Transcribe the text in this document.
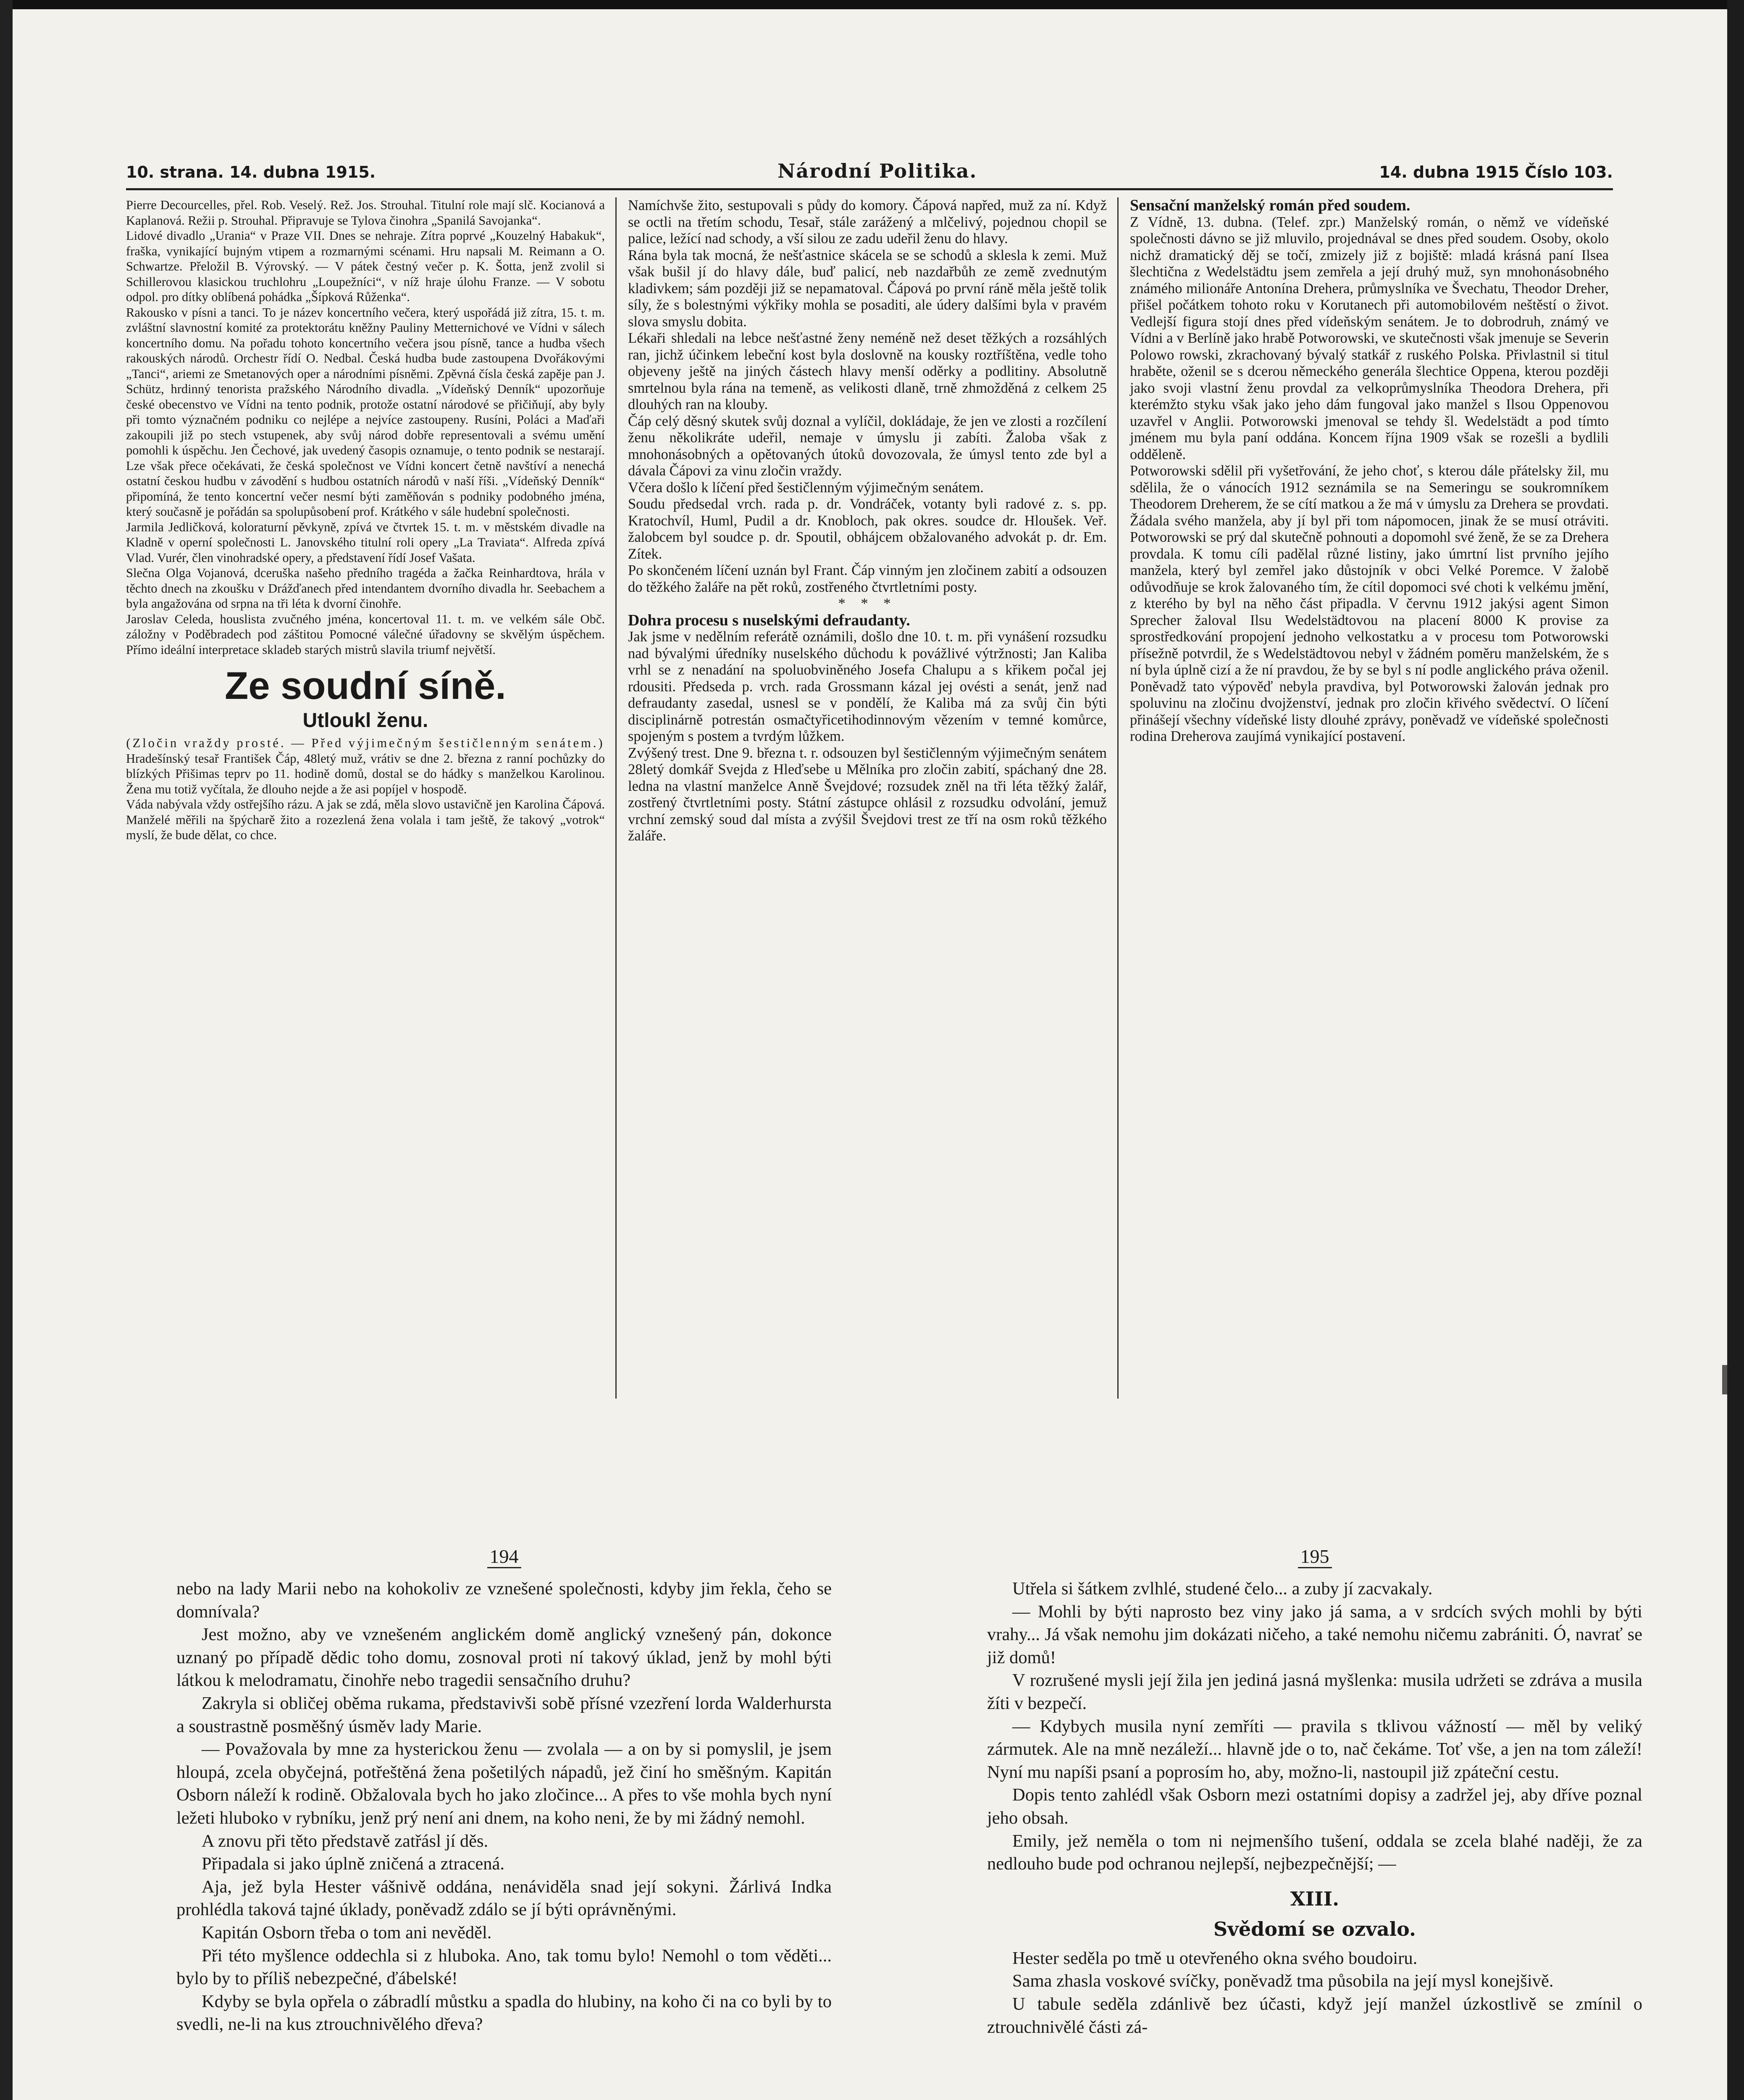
10. strana. 14. dubna 1915.	Národní Politika.	14. dubna 1915 Číslo 103.

Pierre Decourcelles, přel. Rob. Veselý. Rež. Jos. Strouhal. Titulní role mají slč. Kocianová a Kaplanová. Režii p. Strouhal. Připravuje se Tylova činohra „Spanilá Savojanka“.

Lidové divadlo „Urania“ v Praze VII. Dnes se nehraje. Zítra poprvé „Kouzelný Habakuk“, fraška, vynikající bujným vtipem a rozmarnými scénami. Hru napsali M. Reimann a O. Schwartze. Přeložil B. Výrovský. — V pátek čestný večer p. K. Šotta, jenž zvolil si Schillerovou klasickou truchlohru „Loupežníci“, v níž hraje úlohu Franze. — V sobotu odpol. pro dítky oblíbená pohádka „Šípková Růženka“.

Rakousko v písni a tanci. To je název koncertního večera, který uspořádá již zítra, 15. t. m. zvláštní slavnostní komité za protektorátu kněžny Pauliny Metternichové ve Vídni v sálech koncertního domu. Na pořadu tohoto koncertního večera jsou písně, tance a hudba všech rakouských národů. Orchestr řídí O. Nedbal. Česká hudba bude zastoupena Dvořákovými „Tanci“, ariemi ze Smetanových oper a národními písněmi. Zpěvná čísla česká zapěje pan J. Schütz, hrdinný tenorista pražského Národního divadla. „Vídeňský Denník“ upozorňuje české obecenstvo ve Vídni na tento podnik, protože ostatní národové se přičiňují, aby byly při tomto význačném podniku co nejlépe a nejvíce zastoupeny. Rusíni, Poláci a Maďaři zakoupili již po stech vstupenek, aby svůj národ dobře representovali a svému umění pomohli k úspěchu. Jen Čechové, jak uvedený časopis oznamuje, o tento podnik se nestarají. Lze však přece očekávati, že česká společnost ve Vídni koncert četně navštíví a nenechá ostatní českou hudbu v závodění s hudbou ostatních národů v naší říši. „Vídeňský Denník“ připomíná, že tento koncertní večer nesmí býti zaměňován s podniky podobného jména, který současně je pořádán sa spolupůsobení prof. Krátkého v sále hudební společnosti.

Jarmila Jedličková, koloraturní pěvkyně, zpívá ve čtvrtek 15. t. m. v městském divadle na Kladně v operní společnosti L. Janovského titulní roli opery „La Traviata“. Alfreda zpívá Vlad. Vurér, člen vinohradské opery, a představení řídí Josef Vašata.

Slečna Olga Vojanová, dceruška našeho předního tragéda a žačka Reinhardtova, hrála v těchto dnech na zkoušku v Drážďanech před intendantem dvorního divadla hr. Seebachem a byla angažována od srpna na tři léta k dvorní činohře.

Jaroslav Celeda, houslista zvučného jména, koncertoval 11. t. m. ve velkém sále Obč. záložny v Poděbradech pod záštitou Pomocné válečné úřadovny se skvělým úspěchem. Přímo ideální interpretace skladeb starých mistrů slavila triumf největší.

Ze soudní síně.
Utloukl ženu.

(Zločin vraždy prosté. — Před výjimečným šestičlenným senátem.)

Hradešínský tesař František Čáp, 48letý muž, vrátiv se dne 2. března z ranní pochůzky do blízkých Přišimas teprv po 11. hodině domů, dostal se do hádky s manželkou Karolinou. Žena mu totiž vyčítala, že dlouho nejde a že asi popíjel v hospodě.

Váda nabývala vždy ostřejšího rázu. A jak se zdá, měla slovo ustavičně jen Karolina Čápová. Manželé měřili na špýcharě žito a rozezlená žena volala i tam ještě, že takový „votrok“ myslí, že bude dělat, co chce.

Namíchvše žito, sestupovali s půdy do komory. Čápová napřed, muž za ní. Když se octli na třetím schodu, Tesař, stále zarážený a mlčelivý, pojednou chopil se palice, ležící nad schody, a vší silou ze zadu udeřil ženu do hlavy.

Rána byla tak mocná, že nešťastnice skácela se se schodů a sklesla k zemi. Muž však bušil jí do hlavy dále, buď palicí, neb nazdařbůh ze země zvednutým kladivkem; sám později již se nepamatoval. Čápová po první ráně měla ještě tolik síly, že s bolestnými výkřiky mohla se posaditi, ale údery dalšími byla v pravém slova smyslu dobita.

Lékaři shledali na lebce nešťastné ženy neméně než deset těžkých a rozsáhlých ran, jichž účinkem lebeční kost byla doslovně na kousky roztříštěna, vedle toho objeveny ještě na jiných částech hlavy menší oděrky a podlitiny. Absolutně smrtelnou byla rána na temeně, as velikosti dlaně, trně zhmožděná z celkem 25 dlouhých ran na klouby.

Čáp celý děsný skutek svůj doznal a vylíčil, dokládaje, že jen ve zlosti a rozčílení ženu několikráte udeřil, nemaje v úmyslu ji zabíti. Žaloba však z mnohonásobných a opětovaných útoků dovozovala, že úmysl tento zde byl a dávala Čápovi za vinu zločin vraždy.

Včera došlo k líčení před šestičlenným výjimečným senátem.

Soudu předsedal vrch. rada p. dr. Vondráček, votanty byli radové z. s. pp. Kratochvíl, Huml, Pudil a dr. Knobloch, pak okres. soudce dr. Hloušek. Veř. žalobcem byl soudce p. dr. Spoutil, obhájcem obžalovaného advokát p. dr. Em. Zítek.

Po skončeném líčení uznán byl Frant. Čáp vinným jen zločinem zabití a odsouzen do těžkého žaláře na pět roků, zostřeného čtvrtletními posty.

* * *

Dohra procesu s nuselskými defraudanty.

Jak jsme v nedělním referátě oznámili, došlo dne 10. t. m. při vynášení rozsudku nad bývalými úředníky nuselského důchodu k povážlivé výtržnosti; Jan Kaliba vrhl se z nenadání na spoluobviněného Josefa Chalupu a s křikem počal jej rdousiti. Předseda p. vrch. rada Grossmann kázal jej ovésti a senát, jenž nad defraudanty zasedal, usnesl se v pondělí, že Kaliba má za svůj čin býti disciplinárně potrestán osmačtyřicetihodinnovým vězením v temné komůrce, spojeným s postem a tvrdým lůžkem.

Zvýšený trest. Dne 9. března t. r. odsouzen byl šestičlenným výjimečným senátem 28letý domkář Svejda z Hleďsebe u Mělníka pro zločin zabití, spáchaný dne 28. ledna na vlastní manželce Anně Švejdové; rozsudek zněl na tři léta těžký žalář, zostřený čtvrtletními posty. Státní zástupce ohlásil z rozsudku odvolání, jemuž vrchní zemský soud dal místa a zvýšil Švejdovi trest ze tří na osm roků těžkého žaláře.

Sensační manželský román před soudem.

Z Vídně, 13. dubna. (Telef. zpr.) Manželský román, o němž ve vídeňské společnosti dávno se již mluvilo, projednával se dnes před soudem. Osoby, okolo nichž dramatický děj se točí, zmizely již z bojiště: mladá krásná paní Ilsea šlechtična z Wedelstädtu jsem zemřela a její druhý muž, syn mnohonásobného známého milionáře Antonína Drehera, průmyslníka ve Švechatu, Theodor Dreher, přišel počátkem tohoto roku v Korutanech při automobilovém neštěstí o život. Vedlejší figura stojí dnes před vídeňským senátem. Je to dobrodruh, známý ve Vídni a v Berlíně jako hrabě Potworowski, ve skutečnosti však jmenuje se Severin Polowo rowski, zkrachovaný bývalý statkář z ruského Polska. Přivlastnil si titul hraběte, oženil se s dcerou německého generála šlechtice Oppena, kterou později jako svoji vlastní ženu provdal za velkoprůmyslníka Theodora Drehera, při kterémžto styku však jako jeho dám fungoval jako manžel s Ilsou Oppenovou uzavřel v Anglii. Potworowski jmenoval se tehdy šl. Wedelstädt a pod tímto jménem mu byla paní oddána. Koncem října 1909 však se rozešli a bydlili odděleně.

Potworowski sdělil při vyšetřování, že jeho choť, s kterou dále přátelsky žil, mu sdělila, že o vánocích 1912 seznámila se na Semeringu se soukromníkem Theodorem Dreherem, že se cítí matkou a že má v úmyslu za Drehera se provdati. Žádala svého manžela, aby jí byl při tom nápomocen, jinak že se musí otráviti. Potworowski se prý dal skutečně pohnouti a dopomohl své ženě, že se za Drehera provdala. K tomu cíli padělal různé listiny, jako úmrtní list prvního jejího manžela, který byl zemřel jako důstojník v obci Velké Poremce. V žalobě odůvodňuje se krok žalovaného tím, že cítil dopomoci své choti k velkému jmění, z kterého by byl na něho část připadla. V červnu 1912 jakýsi agent Simon Sprecher žaloval Ilsu Wedelstädtovou na placení 8000 K provise za sprostředkování propojení jednoho velkostatku a v procesu tom Potworowski přísežně potvrdil, že s Wedelstädtovou nebyl v žádném poměru manželském, že s ní byla úplně cizí a že ní pravdou, že by se byl s ní podle anglického práva oženil. Poněvadž tato výpověď nebyla pravdiva, byl Potworowski žalován jednak pro spoluvinu na zločinu dvojženství, jednak pro zločin křivého svědectví. O líčení přinášejí všechny vídeňské listy dlouhé zprávy, poněvadž ve vídeňské společnosti rodina Dreherova zaujímá vynikající postavení.

194

nebo na lady Marii nebo na kohokoliv ze vznešené společnosti, kdyby jim řekla, čeho se domnívala?

Jest možno, aby ve vznešeném anglickém domě anglický vznešený pán, dokonce uznaný po případě dědic toho domu, zosnoval proti ní takový úklad, jenž by mohl býti látkou k melodramatu, činohře nebo tragedii sensačního druhu?

Zakryla si obličej oběma rukama, představivši sobě přísné vzezření lorda Walderhursta a soustrastně posměšný úsměv lady Marie.

— Považovala by mne za hysterickou ženu — zvolala — a on by si pomyslil, je jsem hloupá, zcela obyčejná, potřeštěná žena pošetilých nápadů, jež činí ho směšným. Kapitán Osborn náleží k rodině. Obžalovala bych ho jako zločince... A přes to vše mohla bych nyní ležeti hluboko v rybníku, jenž prý není ani dnem, na koho neni, že by mi žádný nemohl.

A znovu při těto představě zatřásl jí děs.

Připadala si jako úplně zničená a ztracená.

Aja, jež byla Hester vášnivě oddána, nenáviděla snad její sokyni. Žárlivá Indka prohlédla taková tajné úklady, poněvadž zdálo se jí býti oprávněnými.

Kapitán Osborn třeba o tom ani nevěděl.

Při této myšlence oddechla si z hluboka. Ano, tak tomu bylo! Nemohl o tom věděti... bylo by to příliš nebezpečné, ďábelské!

Kdyby se byla opřela o zábradlí můstku a spadla do hlubiny, na koho či na co byli by to svedli, ne-li na kus ztrouchnivělého dřeva?

195

Utřela si šátkem zvlhlé, studené čelo... a zuby jí zacvakaly.

— Mohli by býti naprosto bez viny jako já sama, a v srdcích svých mohli by býti vrahy... Já však nemohu jim dokázati ničeho, a také nemohu ničemu zabrániti. Ó, navrať se již domů!

V rozrušené mysli její žila jen jediná jasná myšlenka: musila udržeti se zdráva a musila žíti v bezpečí.

— Kdybych musila nyní zemříti — pravila s tklivou vážností — měl by veliký zármutek. Ale na mně nezáleží... hlavně jde o to, nač čekáme. Toť vše, a jen na tom záleží! Nyní mu napíši psaní a poprosím ho, aby, možno-li, nastoupil již zpáteční cestu.

Dopis tento zahlédl však Osborn mezi ostatními dopisy a zadržel jej, aby dříve poznal jeho obsah.

Emily, jež neměla o tom ni nejmenšího tušení, oddala se zcela blahé naději, že za nedlouho bude pod ochranou nejlepší, nejbezpečnější; —

XIII.
Svědomí se ozvalo.

Hester seděla po tmě u otevřeného okna svého boudoiru.

Sama zhasla voskové svíčky, poněvadž tma působila na její mysl konejšivě.

U tabule seděla zdánlivě bez účasti, když její manžel úzkostlivě se zmínil o ztrouchnivělé části zá-
